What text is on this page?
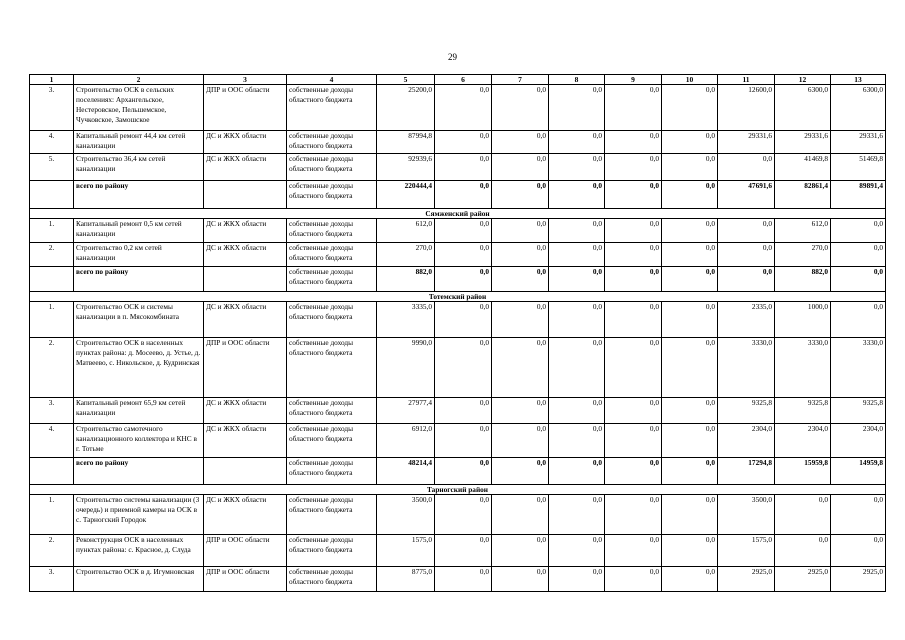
29
1	2	3	4	5	6	7	8	9	10	11	12	13
3.	Строительство ОСК в сельских поселениях: Архангельское, Нестеровское, Пельшемское, Чучковское, Замошское	ДПР и ООС области	собственные доходы областного бюджета	25200,0	0,0	0,0	0,0	0,0	0,0	12600,0	6300,0	6300,0
4.	Капитальный ремонт 44,4 км сетей канализации	ДС и ЖКХ области	собственные доходы областного бюджета	87994,8	0,0	0,0	0,0	0,0	0,0	29331,6	29331,6	29331,6
5.	Строительство 36,4 км сетей канализации	ДС и ЖКХ области	собственные доходы областного бюджета	92939,6	0,0	0,0	0,0	0,0	0,0	0,0	41469,8	51469,8
	всего по району		собственные доходы областного бюджета	220444,4	0,0	0,0	0,0	0,0	0,0	47691,6	82861,4	89891,4
Сямженский район												
1.	Капитальный ремонт 0,5 км сетей канализации	ДС и ЖКХ области	собственные доходы областного бюджета	612,0	0,0	0,0	0,0	0,0	0,0	0,0	612,0	0,0
2.	Строительство 0,2 км сетей канализации	ДС и ЖКХ области	собственные доходы областного бюджета	270,0	0,0	0,0	0,0	0,0	0,0	0,0	270,0	0,0
	всего по району		собственные доходы областного бюджета	882,0	0,0	0,0	0,0	0,0	0,0	0,0	882,0	0,0
Тотемский район												
1.	Строительство ОСК и системы канализации в п. Мясокомбината	ДС и ЖКХ области	собственные доходы областного бюджета	3335,0	0,0	0,0	0,0	0,0	0,0	2335,0	1000,0	0,0
2.	Строительство ОСК в населенных пунктах района: д. Мосеево, д. Устье, д. Матвеево, с. Никольское, д. Кудринская	ДПР и ООС области	собственные доходы областного бюджета	9990,0	0,0	0,0	0,0	0,0	0,0	3330,0	3330,0	3330,0
3.	Капитальный ремонт 65,9 км сетей канализации	ДС и ЖКХ области	собственные доходы областного бюджета	27977,4	0,0	0,0	0,0	0,0	0,0	9325,8	9325,8	9325,8
4.	Строительство самотечного канализационного коллектора и КНС в г. Тотьме	ДС и ЖКХ области	собственные доходы областного бюджета	6912,0	0,0	0,0	0,0	0,0	0,0	2304,0	2304,0	2304,0
	всего по району		собственные доходы областного бюджета	48214,4	0,0	0,0	0,0	0,0	0,0	17294,8	15959,8	14959,8
Тарногский район												
1.	Строительство системы канализации (3 очередь) и приемной камеры на ОСК в с. Тарногский Городок	ДС и ЖКХ области	собственные доходы областного бюджета	3500,0	0,0	0,0	0,0	0,0	0,0	3500,0	0,0	0,0
2.	Реконструкция ОСК в населенных пунктах района: с. Красное, д. Слуда	ДПР и ООС области	собственные доходы областного бюджета	1575,0	0,0	0,0	0,0	0,0	0,0	1575,0	0,0	0,0
3.	Строительство ОСК в д. Игумновская	ДПР и ООС области	собственные доходы областного бюджета	8775,0	0,0	0,0	0,0	0,0	0,0	2925,0	2925,0	2925,0
